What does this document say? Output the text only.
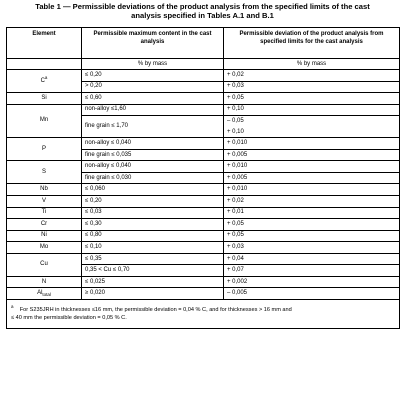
Table 1 — Permissible deviations of the product analysis from the specified limits of the cast
analysis specified in Tables A.1 and B.1
Element	Permissible maximum content in the cast analysis	Permissible deviation of the product analysis from specified limits for the cast analysis
	% by mass	% by mass
$C^a$	≤ 0,20	+ 0,02
	> 0,20	+ 0,03
Si	≤ 0,60	+ 0,05
Mn	non-alloy ≤1,60	+ 0,10
	fine grain ≤ 1,70	– 0,05
		+ 0,10
P	non-alloy ≤ 0,040	+ 0,010
	fine grain ≤ 0,035	+ 0,005
S	non-alloy ≤ 0,040	+ 0,010
	fine grain ≤ 0,030	+ 0,005
Nb	≤ 0,060	+ 0,010
V	≤ 0,20	+ 0,02
Ti	≤ 0,03	+ 0,01
Cr	≤ 0,30	+ 0,05
Ni	≤ 0,80	+ 0,05
Mo	≤ 0,10	+ 0,03
Cu	≤ 0,35	+ 0,04
	0,35 < Cu ≤ 0,70	+ 0,07
N	≤ 0,025	+ 0,002
$Al_{total}$	≥ 0,020	– 0,005

$^a$    For S235JRH in thicknesses ≤16 mm, the permissible deviation = 0,04 % C, and for thicknesses > 16 mm and
≤ 40 mm the permissible deviation = 0,05 % C.		
